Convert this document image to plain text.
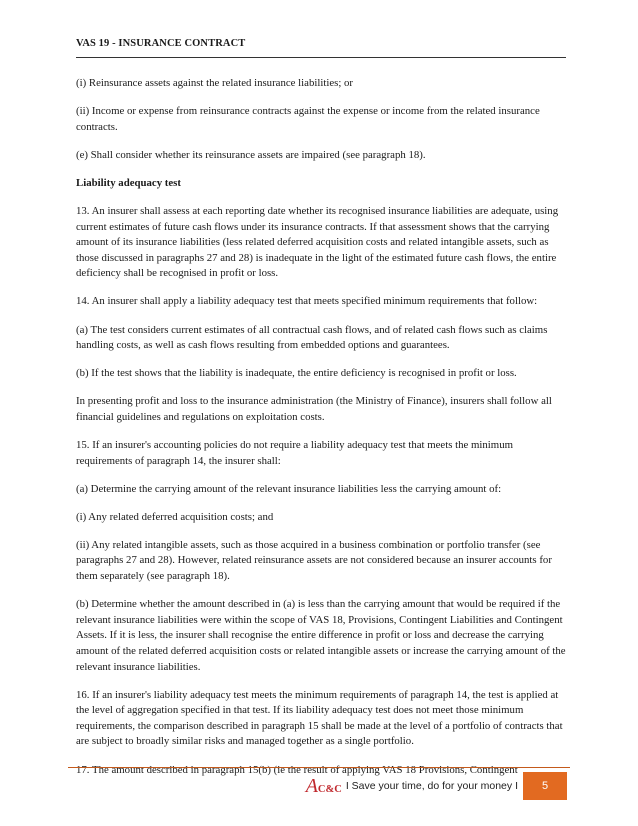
VAS 19 - INSURANCE CONTRACT

(i) Reinsurance assets against the related insurance liabilities; or

(ii) Income or expense from reinsurance contracts against the expense or income from the related insurance contracts.

(e) Shall consider whether its reinsurance assets are impaired (see paragraph 18).

Liability adequacy test

13. An insurer shall assess at each reporting date whether its recognised insurance liabilities are adequate, using current estimates of future cash flows under its insurance contracts. If that assessment shows that the carrying amount of its insurance liabilities (less related deferred acquisition costs and related intangible assets, such as those discussed in paragraphs 27 and 28) is inadequate in the light of the estimated future cash flows, the entire deficiency shall be recognised in profit or loss.

14. An insurer shall apply a liability adequacy test that meets specified minimum requirements that follow:

(a) The test considers current estimates of all contractual cash flows, and of related cash flows such as claims handling costs, as well as cash flows resulting from embedded options and guarantees.

(b) If the test shows that the liability is inadequate, the entire deficiency is recognised in profit or loss.

In presenting profit and loss to the insurance administration (the Ministry of Finance), insurers shall follow all financial guidelines and regulations on exploitation costs.

15. If an insurer's accounting policies do not require a liability adequacy test that meets the minimum requirements of paragraph 14, the insurer shall:

(a) Determine the carrying amount of the relevant insurance liabilities less the carrying amount of:

(i) Any related deferred acquisition costs; and

(ii) Any related intangible assets, such as those acquired in a business combination or portfolio transfer (see paragraphs 27 and 28). However, related reinsurance assets are not considered because an insurer accounts for them separately (see paragraph 18).

(b) Determine whether the amount described in (a) is less than the carrying amount that would be required if the relevant insurance liabilities were within the scope of VAS 18, Provisions, Contingent Liabilities and Contingent Assets. If it is less, the insurer shall recognise the entire difference in profit or loss and decrease the carrying amount of the related deferred acquisition costs or related intangible assets or increase the carrying amount of the relevant insurance liabilities.

16. If an insurer's liability adequacy test meets the minimum requirements of paragraph 14, the test is applied at the level of aggregation specified in that test. If its liability adequacy test does not meet those minimum requirements, the comparison described in paragraph 15 shall be made at the level of a portfolio of contracts that are subject to broadly similar risks and managed together as a single portfolio.

17. The amount described in paragraph 15(b) (ie the result of applying VAS 18 Provisions, Contingent

A C&C I Save your time, do for your money I	5
